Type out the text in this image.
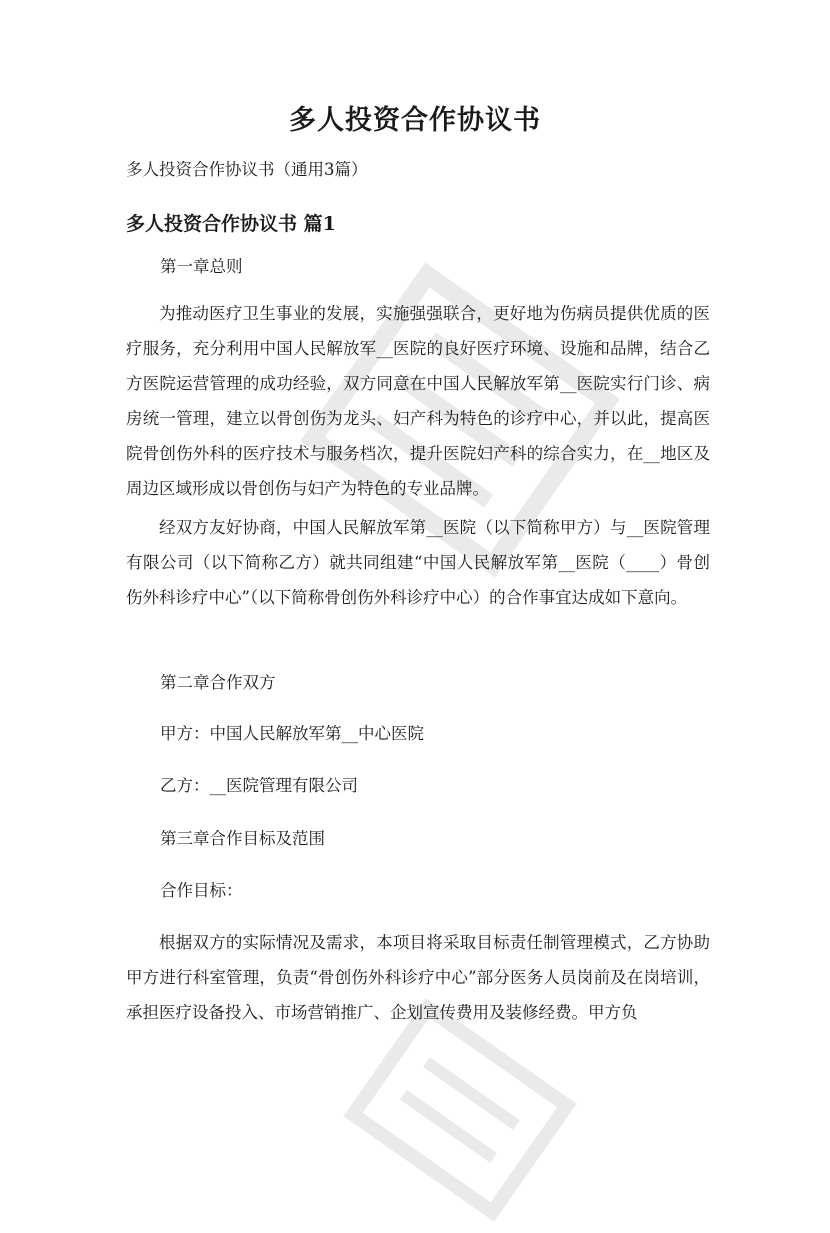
多人投资合作协议书

多人投资合作协议书（通用3篇）

多人投资合作协议书 篇1

第一章总则

为推动医疗卫生事业的发展，实施强强联合，更好地为伤病员提供优质的医疗服务，充分利用中国人民解放军__医院的良好医疗环境、设施和品牌，结合乙方医院运营管理的成功经验，双方同意在中国人民解放军第__医院实行门诊、病房统一管理，建立以骨创伤为龙头、妇产科为特色的诊疗中心，并以此，提高医院骨创伤外科的医疗技术与服务档次，提升医院妇产科的综合实力，在__地区及周边区域形成以骨创伤与妇产为特色的专业品牌。

经双方友好协商，中国人民解放军第__医院（以下简称甲方）与__医院管理有限公司（以下简称乙方）就共同组建“中国人民解放军第__医院（____）骨创伤外科诊疗中心”（以下简称骨创伤外科诊疗中心）的合作事宜达成如下意向。

第二章合作双方

甲方：中国人民解放军第__中心医院

乙方：__医院管理有限公司

第三章合作目标及范围

合作目标：

根据双方的实际情况及需求，本项目将采取目标责任制管理模式，乙方协助甲方进行科室管理，负责“骨创伤外科诊疗中心”部分医务人员岗前及在岗培训，承担医疗设备投入、市场营销推广、企划宣传费用及装修经费。甲方负
